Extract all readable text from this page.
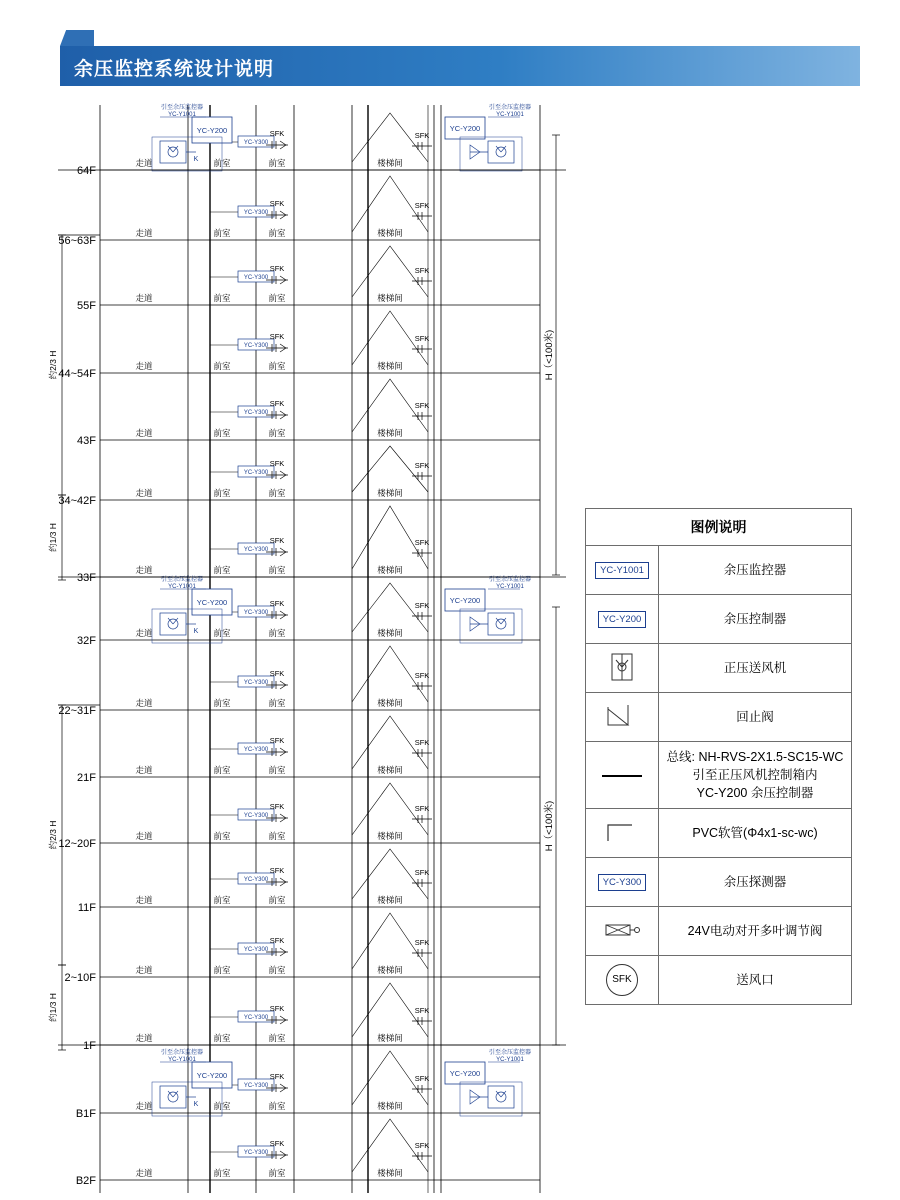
余压监控系统设计说明
64F
走道	前室	前室	楼梯间
56~63F
走道	前室	前室	楼梯间
55F
走道	前室	前室	楼梯间
44~54F
走道	前室	前室	楼梯间
43F
走道	前室	前室	楼梯间
34~42F
走道	前室	前室	楼梯间
33F
走道	前室	前室	楼梯间
32F
走道	前室	前室	楼梯间
22~31F
走道	前室	前室	楼梯间
21F
走道	前室	前室	楼梯间
12~20F
走道	前室	前室	楼梯间
11F
走道	前室	前室	楼梯间
2~10F
走道	前室	前室	楼梯间
1F
走道	前室	前室	楼梯间
B1F
走道	前室	前室	楼梯间
B2F
走道	前室	前室	楼梯间
YC-Y300
YC-Y300
YC-Y300
YC-Y300
YC-Y300
YC-Y300
YC-Y300
YC-Y300
YC-Y300
YC-Y300
YC-Y300
YC-Y300
YC-Y300
YC-Y300
YC-Y300
YC-Y300
SFK
SFK
SFK
SFK
SFK
SFK
SFK
SFK
SFK
SFK
SFK
SFK
SFK
SFK
SFK
SFK
SFK
SFK
SFK
SFK
SFK
SFK
SFK
SFK
SFK
SFK
SFK
SFK
SFK
SFK
SFK
SFK
YC-Y200
引至余压监控器
YC-Y1001
K
YC-Y200
引至余压监控器
YC-Y1001
YC-Y200
引至余压监控器
YC-Y1001
K
YC-Y200
引至余压监控器
YC-Y1001
YC-Y200
引至余压监控器
YC-Y1001
K
YC-Y200
引至余压监控器
YC-Y1001
约2/3 H
约1/3 H
约2/3 H
约1/3 H
H（<100米)
H（<100米)
图例说明	
YC-Y1001	余压监控器
YC-Y200	余压控制器
	正压送风机
	回止阀
	总线: NH-RVS-2X1.5-SC15-WC
引至正压风机控制箱内
YC-Y200 余压控制器
	PVC软管(Φ4x1-sc-wc)
YC-Y300	余压探测器
	24V电动对开多叶调节阀
SFK	送风口
